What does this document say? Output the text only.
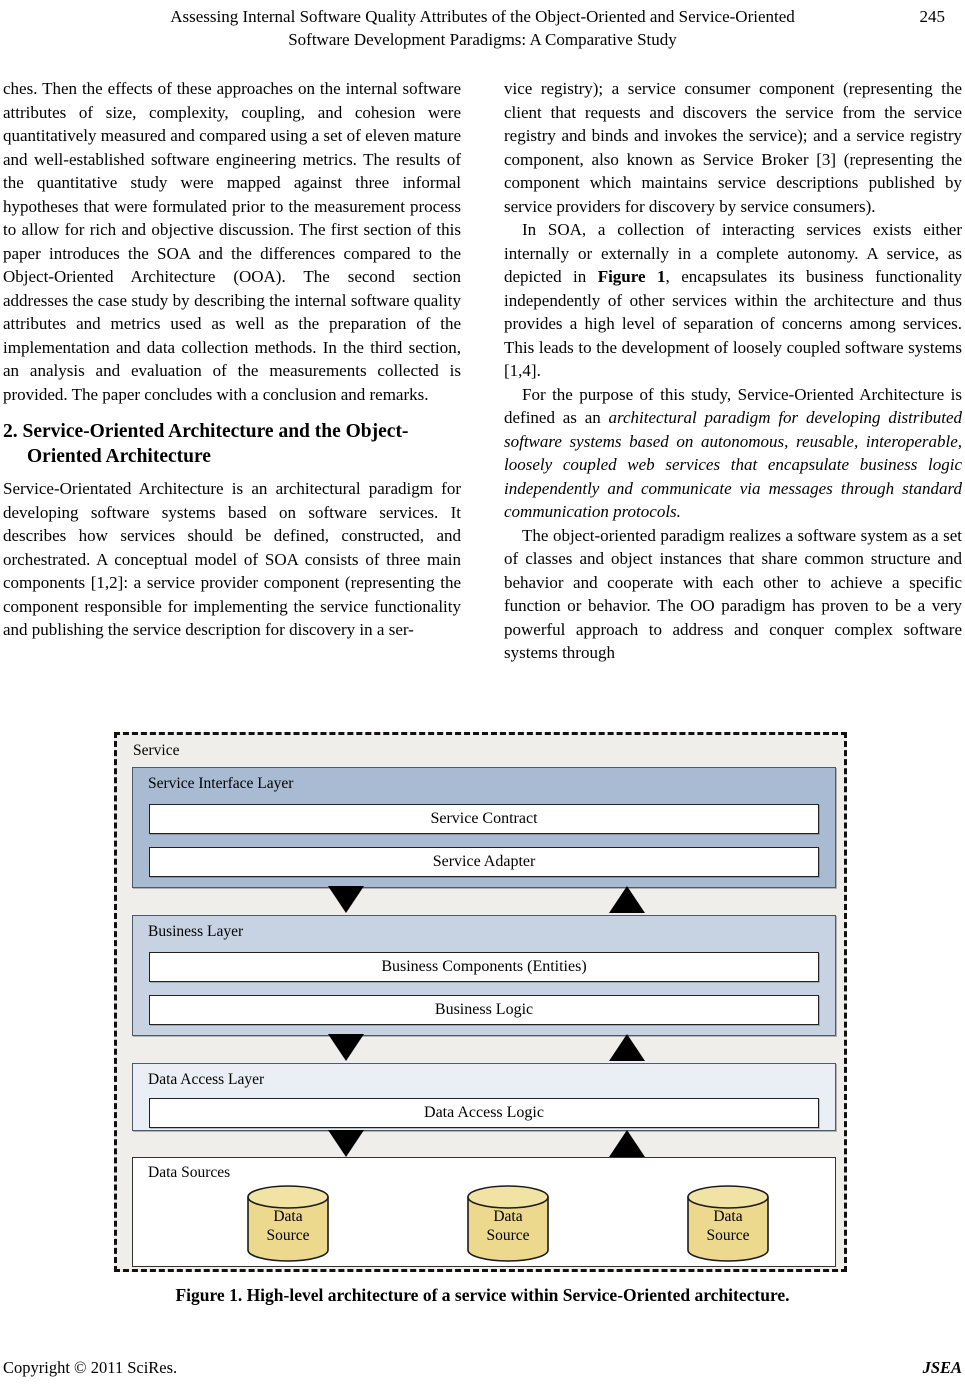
Assessing Internal Software Quality Attributes of the Object-Oriented and Service-Oriented
Software Development Paradigms: A Comparative Study
245

ches. Then the effects of these approaches on the internal software attributes of size, complexity, coupling, and cohesion were quantitatively measured and compared using a set of eleven mature and well-established software engineering metrics. The results of the quantitative study were mapped against three informal hypotheses that were formulated prior to the measurement process to allow for rich and objective discussion. The first section of this paper introduces the SOA and the differences compared to the Object-Oriented Architecture (OOA). The second section addresses the case study by describing the internal software quality attributes and metrics used as well as the preparation of the implementation and data collection methods. In the third section, an analysis and evaluation of the measurements collected is provided. The paper concludes with a conclusion and remarks.

2. Service-Oriented Architecture and the Object-Oriented Architecture

Service-Orientated Architecture is an architectural paradigm for developing software systems based on software services. It describes how services should be defined, constructed, and orchestrated. A conceptual model of SOA consists of three main components [1,2]: a service provider component (representing the component responsible for implementing the service functionality and publishing the service description for discovery in a ser-

vice registry); a service consumer component (representing the client that requests and discovers the service from the service registry and binds and invokes the service); and a service registry component, also known as Service Broker [3] (representing the component which maintains service descriptions published by service providers for discovery by service consumers).

In SOA, a collection of interacting services exists either internally or externally in a complete autonomy. A service, as depicted in Figure 1, encapsulates its business functionality independently of other services within the architecture and thus provides a high level of separation of concerns among services. This leads to the development of loosely coupled software systems [1,4].

For the purpose of this study, Service-Oriented Architecture is defined as an architectural paradigm for developing distributed software systems based on autonomous, reusable, interoperable, loosely coupled web services that encapsulate business logic independently and communicate via messages through standard communication protocols.

The object-oriented paradigm realizes a software system as a set of classes and object instances that share common structure and behavior and cooperate with each other to achieve a specific function or behavior. The OO paradigm has proven to be a very powerful approach to address and conquer complex software systems through

Service
Service Interface Layer
Service Contract
Service Adapter
Business Layer
Business Components (Entities)
Business Logic
Data Access Layer
Data Access Logic
Data Sources
Data Source
Data Source
Data Source
Figure 1. High-level architecture of a service within Service-Oriented architecture.
Copyright © 2011 SciRes.	JSEA
